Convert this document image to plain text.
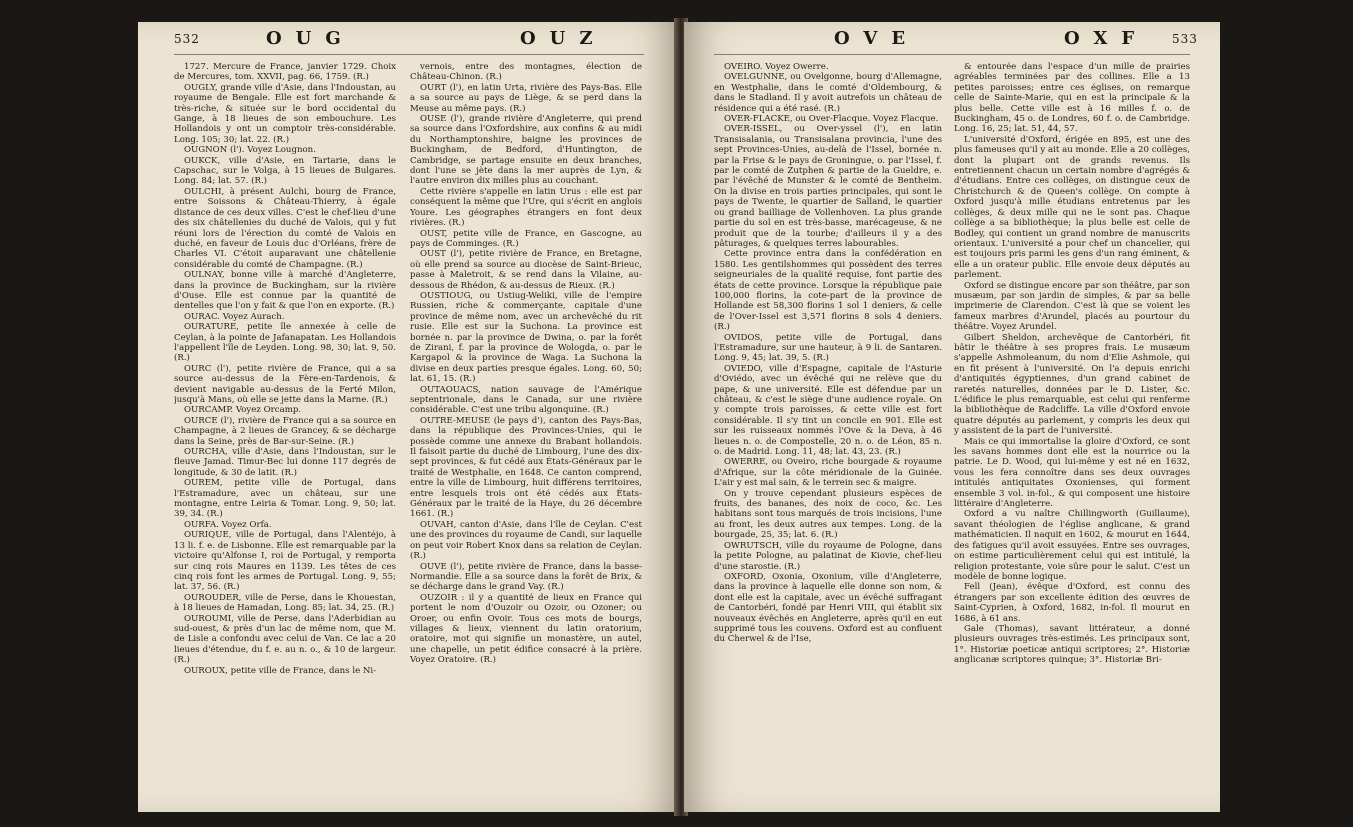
532	OUG	OUZ

1727. Mercure de France, janvier 1729. Choix de Mercures, tom. XXVII, pag. 66, 1759. (R.)

OUGLY, grande ville d'Asie, dans l'Indoustan, au royaume de Bengale. Elle est fort marchande & très-riche, & située sur le bord occidental du Gange, à 18 lieues de son embouchure. Les Hollandois y ont un comptoir très-considérable. Long. 105; 30; lat. 22. (R.)

OUGNON (l'). Voyez Lougnon.

OUKCK, ville d'Asie, en Tartarie, dans le Capschac, sur le Volga, à 15 lieues de Bulgares. Long. 84; lat. 57. (R.)

OULCHI, à présent Aulchi, bourg de France, entre Soissons & Château-Thierry, à égale distance de ces deux villes. C'est le chef-lieu d'une des six châtellenies du duché de Valois, qui y fut réuni lors de l'érection du comté de Valois en duché, en faveur de Louis duc d'Orléans, frère de Charles VI. C'étoit auparavant une châtellenie considérable du comté de Champagne. (R.)

OULNAY, bonne ville à marché d'Angleterre, dans la province de Buckingham, sur la rivière d'Ouse. Elle est connue par la quantité de dentelles que l'on y fait & que l'on en exporte. (R.)

OURAC. Voyez Aurach.

OURATURE, petite île annexée à celle de Ceylan, à la pointe de Jafanapatan. Les Hollandois l'appellent l'île de Leyden. Long. 98, 30; lat. 9, 50. (R.)

OURC (l'), petite rivière de France, qui a sa source au-dessus de la Fère-en-Tardenois, & devient navigable au-dessus de la Ferté Milon, jusqu'à Mans, où elle se jette dans la Marne. (R.)

OURCAMP. Voyez Orcamp.

OURCE (l'), rivière de France qui a sa source en Champagne, à 2 lieues de Grancey, & se décharge dans la Seine, près de Bar-sur-Seine. (R.)

OURCHA, ville d'Asie, dans l'Indoustan, sur le fleuve Jamad. Timur-Bec lui donne 117 degrés de longitude, & 30 de latit. (R.)

OUREM, petite ville de Portugal, dans l'Estramadure, avec un château, sur une montagne, entre Leiria & Tomar. Long. 9, 50; lat. 39, 34. (R.)

OURFA. Voyez Orfa.

OURIQUE, ville de Portugal, dans l'Alentéjo, à 13 li. f. e. de Lisbonne. Elle est remarquable par la victoire qu'Alfonse I, roi de Portugal, y remporta sur cinq rois Maures en 1139. Les têtes de ces cinq rois font les armes de Portugal. Long. 9, 55; lat. 37, 56. (R.)

OUROUDER, ville de Perse, dans le Khouestan, à 18 lieues de Hamadan, Long. 85; lat. 34, 25. (R.)

OUROUMI, ville de Perse, dans l'Aderbidian au sud-ouest, & près d'un lac de même nom, que M. de Lisle a confondu avec celui de Van. Ce lac a 20 lieues d'étendue, du f. e. au n. o., & 10 de largeur. (R.)

OUROUX, petite ville de France, dans le Ni-

vernois, entre des montagnes, élection de Château-Chinon. (R.)

OURT (l'), en latin Urta, rivière des Pays-Bas. Elle a sa source au pays de Liège, & se perd dans la Meuse au même pays. (R.)

OUSE (l'), grande rivière d'Angleterre, qui prend sa source dans l'Oxfordshire, aux confins & au midi du Northamptonshire, baigne les provinces de Buckingham, de Bedford, d'Huntington, de Cambridge, se partage ensuite en deux branches, dont l'une se jète dans la mer auprès de Lyn, & l'autre environ dix milles plus au couchant.

Cette rivière s'appelle en latin Urus : elle est par conséquent la même que l'Ure, qui s'écrit en anglois Youre. Les géographes étrangers en font deux rivières. (R.)

OUST, petite ville de France, en Gascogne, au pays de Comminges. (R.)

OUST (l'), petite rivière de France, en Bretagne, où elle prend sa source au diocèse de Saint-Brieuc, passe à Maletroit, & se rend dans la Vilaine, au-dessous de Rhédon, & au-dessus de Rieux. (R.)

OUSTIOUG, ou Ustiug-Weliki, ville de l'empire Russien, riche & commerçante, capitale d'une province de même nom, avec un archevêché du rit rusie. Elle est sur la Suchona. La province est bornée n. par la province de Dwina, o. par la forêt de Zirani, f. par la province de Wologda, o. par le Kargapol & la province de Waga. La Suchona la divise en deux parties presque égales. Long. 60, 50; lat. 61, 15. (R.)

OUTAOUACS, nation sauvage de l'Amérique septentrionale, dans le Canada, sur une rivière considérable. C'est une tribu algonquine. (R.)

OUTRE-MEUSE (le pays d'), canton des Pays-Bas, dans la république des Provinces-Unies, qui le possède comme une annexe du Brabant hollandois. Il faisoit partie du duché de Limbourg, l'une des dix-sept provinces, & fut cédé aux États-Généraux par le traité de Westphalie, en 1648. Ce canton comprend, entre la ville de Limbourg, huit différens territoires, entre lesquels trois ont été cédés aux États-Généraux par le traité de la Haye, du 26 décembre 1661. (R.)

OUVAH, canton d'Asie, dans l'île de Ceylan. C'est une des provinces du royaume de Candi, sur laquelle on peut voir Robert Knox dans sa relation de Ceylan. (R.)

OUVE (l'), petite rivière de France, dans la basse-Normandie. Elle a sa source dans la forêt de Brix, & se décharge dans le grand Vay. (R.)

OUZOIR : il y a quantité de lieux en France qui portent le nom d'Ouzoir ou Ozoir, ou Ozoner; ou Oroer, ou enfin Ovoir. Tous ces mots de bourgs, villages & lieux, viennent du latin oratorium, oratoire, mot qui signifie un monastère, un autel, une chapelle, un petit édifice consacré à la prière. Voyez Oratoire. (R.)

OVE	OXF 533

OVEIRO. Voyez Owerre.

OVELGUNNE, ou Ovelgonne, bourg d'Allemagne, en Westphalie, dans le comté d'Oldembourg, & dans le Stadland. Il y avoit autrefois un château de résidence qui a été rasé. (R.)

OVER-FLACKE, ou Over-Flacque. Voyez Flacque.

OVER-ISSEL, ou Over-yssel (l'), en latin Transisalania, ou Transisalana provincia, l'une des sept Provinces-Unies, au-delà de l'Issel, bornée n. par la Frise & le pays de Groningue, o. par l'Issel, f. par le comté de Zutphen & partie de la Gueldre, e. par l'évêché de Munster & le comté de Bentheim. On la divise en trois parties principales, qui sont le pays de Twente, le quartier de Salland, le quartier ou grand bailliage de Vollenhoven. La plus grande partie du sol en est très-basse, marécageuse, & ne produit que de la tourbe; d'ailleurs il y a des pâturages, & quelques terres labourables.

Cette province entra dans la confédération en 1580. Les gentilshommes qui possèdent des terres seigneuriales de la qualité requise, font partie des états de cette province. Lorsque la république paie 100,000 florins, la cote-part de la province de Hollande est 58,300 florins 1 sol 1 deniers, & celle de l'Over-Issel est 3,571 florins 8 sols 4 deniers. (R.)

OVIDOS, petite ville de Portugal, dans l'Estramadure, sur une hauteur, à 9 li. de Santaren. Long. 9, 45; lat. 39, 5. (R.)

OVIEDO, ville d'Espagne, capitale de l'Asturie d'Oviédo, avec un évêché qui ne relève que du pape, & une université. Elle est défendue par un château, & c'est le siège d'une audience royale. On y compte trois paroisses, & cette ville est fort considérable. Il s'y tint un concile en 901. Elle est sur les ruisseaux nommés l'Ove & la Deva, à 46 lieues n. o. de Compostelle, 20 n. o. de Léon, 85 n. o. de Madrid. Long. 11, 48; lat. 43, 23. (R.)

OWERRE, ou Oveiro, riche bourgade & royaume d'Afrique, sur la côte méridionale de la Guinée. L'air y est mal sain, & le terrein sec & maigre.

On y trouve cependant plusieurs espèces de fruits, des bananes, des noix de coco, &c. Les habitans sont tous marqués de trois incisions, l'une au front, les deux autres aux tempes. Long. de la bourgade, 25, 35; lat. 6. (R.)

OWRUTSCH, ville du royaume de Pologne, dans la petite Pologne, au palatinat de Kiovie, chef-lieu d'une starostie. (R.)

OXFORD, Oxonia, Oxonium, ville d'Angleterre, dans la province à laquelle elle donne son nom, & dont elle est la capitale, avec un évêché suffragant de Cantorbéri, fondé par Henri VIII, qui établit six nouveaux évêchés en Angleterre, après qu'il en eut supprimé tous les couvens. Oxford est au confluent du Cherwel & de l'Ise,

& entourée dans l'espace d'un mille de prairies agréables terminées par des collines. Elle a 13 petites paroisses; entre ces églises, on remarque celle de Sainte-Marie, qui en est la principale & la plus belle. Cette ville est à 16 milles f. o. de Buckingham, 45 o. de Londres, 60 f. o. de Cambridge. Long. 16, 25; lat. 51, 44, 57.

L'université d'Oxford, érigée en 895, est une des plus fameuses qu'il y ait au monde. Elle a 20 collèges, dont la plupart ont de grands revenus. Ils entretiennent chacun un certain nombre d'agrégés & d'étudians. Entre ces collèges, on distingue ceux de Christchurch & de Queen's collège. On compte à Oxford jusqu'à mille étudians entretenus par les collèges, & deux mille qui ne le sont pas. Chaque collège a sa bibliothèque; la plus belle est celle de Bodley, qui contient un grand nombre de manuscrits orientaux. L'université a pour chef un chancelier, qui est toujours pris parmi les gens d'un rang éminent, & elle a un orateur public. Elle envoie deux députés au parlement.

Oxford se distingue encore par son théâtre, par son musæum, par son jardin de simples, & par sa belle imprimerie de Clarendon. C'est là que se voient les fameux marbres d'Arundel, placés au pourtour du théâtre. Voyez Arundel.

Gilbert Sheldon, archevêque de Cantorbéri, fit bâtir le théâtre à ses propres frais. Le musæum s'appelle Ashmoleanum, du nom d'Elie Ashmole, qui en fit présent à l'université. On l'a depuis enrichi d'antiquités égyptiennes, d'un grand cabinet de raretés naturelles, données par le D. Lister, &c. L'édifice le plus remarquable, est celui qui renferme la bibliothèque de Radcliffe. La ville d'Oxford envoie quatre députés au parlement, y compris les deux qui y assistent de la part de l'université.

Mais ce qui immortalise la gloire d'Oxford, ce sont les savans hommes dont elle est la nourrice ou la patrie. Le D. Wood, qui lui-même y est né en 1632, vous les fera connoître dans ses deux ouvrages intitulés antiquitates Oxonienses, qui forment ensemble 3 vol. in-fol., & qui composent une histoire littéraire d'Angleterre.

Oxford a vu naître Chillingworth (Guillaume), savant théologien de l'église anglicane, & grand mathématicien. Il naquit en 1602, & mourut en 1644, des fatigues qu'il avoit essuyées. Entre ses ouvrages, on estime particulièrement celui qui est intitulé, la religion protestante, voie sûre pour le salut. C'est un modèle de bonne logique.

Fell (Jean), évêque d'Oxford, est connu des étrangers par son excellente édition des œuvres de Saint-Cyprien, à Oxford, 1682, in-fol. Il mourut en 1686, à 61 ans.

Gale (Thomas), savant littérateur, a donné plusieurs ouvrages très-estimés. Les principaux sont, 1°. Historiæ poeticæ antiqui scriptores; 2°. Historiæ anglicanæ scriptores quinque; 3°. Historiæ Bri-
